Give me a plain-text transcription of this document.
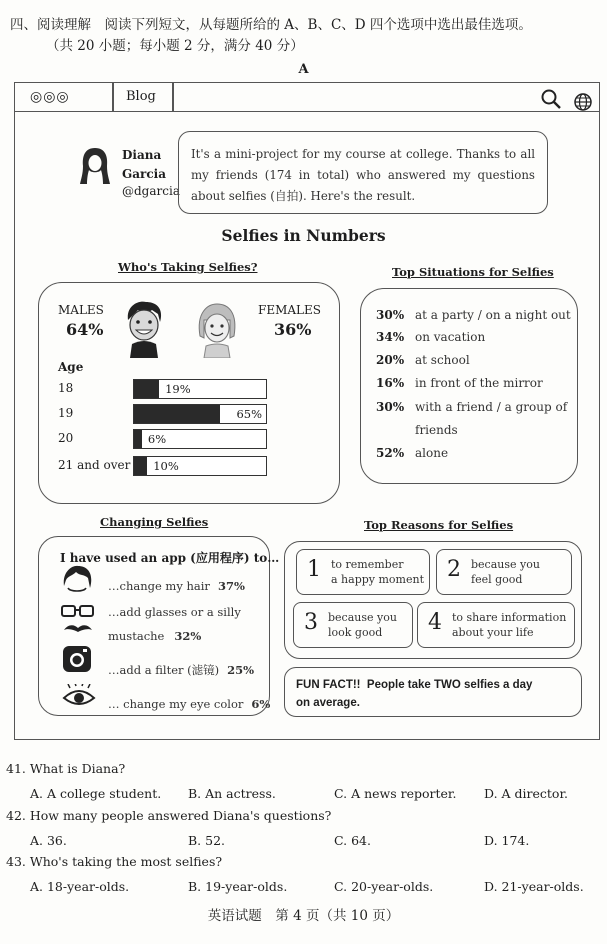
四、阅读理解　阅读下列短文，从每题所给的 A、B、C、D 四个选项中选出最佳选项。
（共 20 小题；每小题 2 分，满分 40 分）
A
◎◎◎	Blog
Diana
Garcia
@dgarcia
It's a mini-project for my course at college. Thanks to all my friends (174 in total) who answered my questions about selfies (自拍). Here's the result.
Selfies in Numbers
Who's Taking Selfies?
MALES
64%
FEMALES
36%
Age
18	19%
19	65%
20	6%
21 and over 10%
Top Situations for Selfies
30% at a party / on a night out
34% on vacation
20% at school
16% in front of the mirror
30% with a friend / a group of
friends
52% alone
Changing Selfies
I have used an app (应用程序) to…
…change my hair 37%
…add glasses or a silly
mustache 32%
…add a filter (滤镜) 25%
… change my eye color 6%
Top Reasons for Selfies
1 to remember
a happy moment 2 because you
feel good
3 because you
look good	4 to share information
about your life
FUN FACT!! People take TWO selfies a day
on average.
41. What is Diana?
A. A college student. B. An actress.	C. A news reporter. D. A director.
42. How many people answered Diana's questions?
A. 36.	B. 52.	C. 64.	D. 174.
43. Who's taking the most selfies?
A. 18-year-olds.	B. 19-year-olds.	C. 20-year-olds.	D. 21-year-olds.
英语试题　第 4 页（共 10 页）
